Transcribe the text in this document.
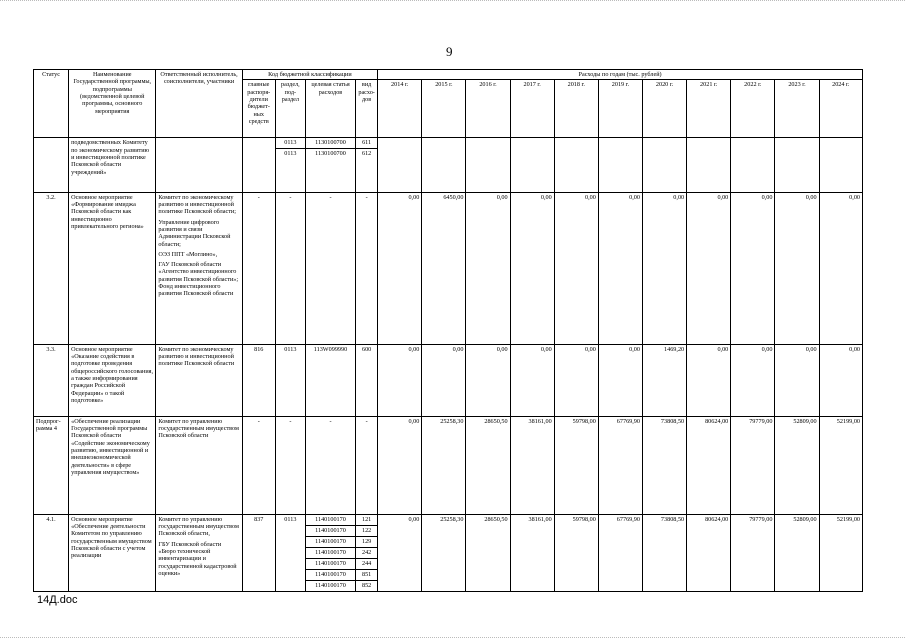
9
Статус	Наименование Государственной программы, подпрограммы (ведомственной целевой программы, основного мероприятия	Ответственный исполнитель, соисполнители, участники	Код бюджетной классификации				Расходы по годам (тыс. рублей)										
			главные распоря-дители бюджет-ных средств	раздел, под-раздел	целевая статья расходов	вид расхо-дов	2014 г.	2015 г.	2016 г.	2017 г.	2018 г.	2019 г.	2020 г.	2021 г.	2022 г.	2023 г.	2024 г.
	подведомственных Комитету по экономическому развитию и инвестиционной политике Псковской области учреждений»			0113	1130100700	611											
				0113	1130100700	612											
3.2.	Основное мероприятие «Формирование имиджа Псковской области как инвестиционно привлекательного региона»	Комитет по экономическому развитию и инвестиционной политике Псковской области;
Управление цифрового развития и связи Администрации Псковской области;
ОЭЗ ППТ «Моглино»,
ГАУ Псковской области «Агентство инвестиционного развития Псковской области»; Фонд инвестиционного развития Псковской области	-	-	-	-	0,00	6450,00	0,00	0,00	0,00	0,00	0,00	0,00	0,00	0,00	0,00
3.3.	Основное мероприятие «Оказание содействия в подготовке проведения общероссийского голосования, а также информирования граждан Российской Федерации» о такой подготовке»	Комитет по экономическому развитию и инвестиционной политике Псковской области	816	0113	113W099990	600	0,00	0,00	0,00	0,00	0,00	0,00	1469,20	0,00	0,00	0,00	0,00
Подпрог-рамма 4	«Обеспечение реализации Государственной программы Псковской области «Содействие экономическому развитию, инвестиционной и внешнеэкономической деятельности» в сфере управления имуществом»	Комитет по управлению государственным имуществом Псковской области	-	-	-	-	0,00	25258,30	28650,50	38161,00	59798,00	67769,90	73808,50	80624,00	79779,00	52809,00	52199,00
4.1.	Основное мероприятие «Обеспечение деятельности Комитетом по управлению государственным имуществом Псковской области с учетом реализации	Комитет по управлению государственным имуществом Псковской области,
ГБУ Псковской области «Бюро технической инвентаризации и государственной кадастровой оценки»	837	0113	1140100170	121	0,00	25258,30	28650,50	38161,00	59798,00	67769,90	73808,50	80624,00	79779,00	52809,00	52199,00
					1140100170	122											
					1140100170	129											
					1140100170	242											
					1140100170	244											
					1140100170	851											
					1140100170	852											
14Д.doc
